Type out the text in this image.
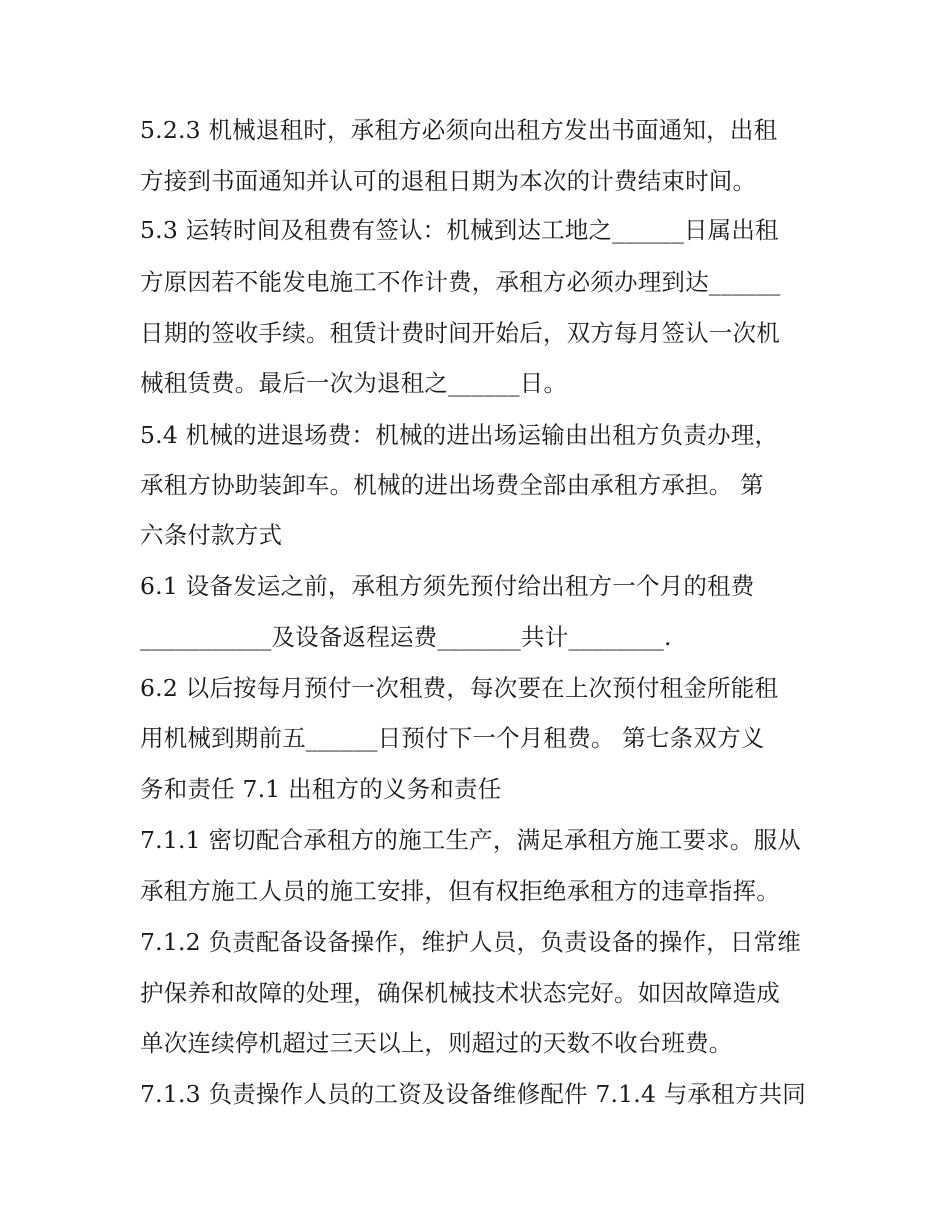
5.2.3 机械退租时，承租方必须向出租方发出书面通知，出租

方接到书面通知并认可的退租日期为本次的计费结束时间。

5.3 运转时间及租费有签认：机械到达工地之______日属出租

方原因若不能发电施工不作计费，承租方必须办理到达______

日期的签收手续。租赁计费时间开始后，双方每月签认一次机

械租赁费。最后一次为退租之______日。

5.4 机械的进退场费：机械的进出场运输由出租方负责办理，

承租方协助装卸车。机械的进出场费全部由承租方承担。 第

六条付款方式

6.1 设备发运之前，承租方须先预付给出租方一个月的租费

___________及设备返程运费_______共计________.

6.2 以后按每月预付一次租费，每次要在上次预付租金所能租

用机械到期前五______日预付下一个月租费。 第七条双方义

务和责任 7.1 出租方的义务和责任

7.1.1 密切配合承租方的施工生产，满足承租方施工要求。服从

承租方施工人员的施工安排，但有权拒绝承租方的违章指挥。

7.1.2 负责配备设备操作，维护人员，负责设备的操作，日常维

护保养和故障的处理，确保机械技术状态完好。如因故障造成

单次连续停机超过三天以上，则超过的天数不收台班费。

7.1.3 负责操作人员的工资及设备维修配件 7.1.4 与承租方共同
